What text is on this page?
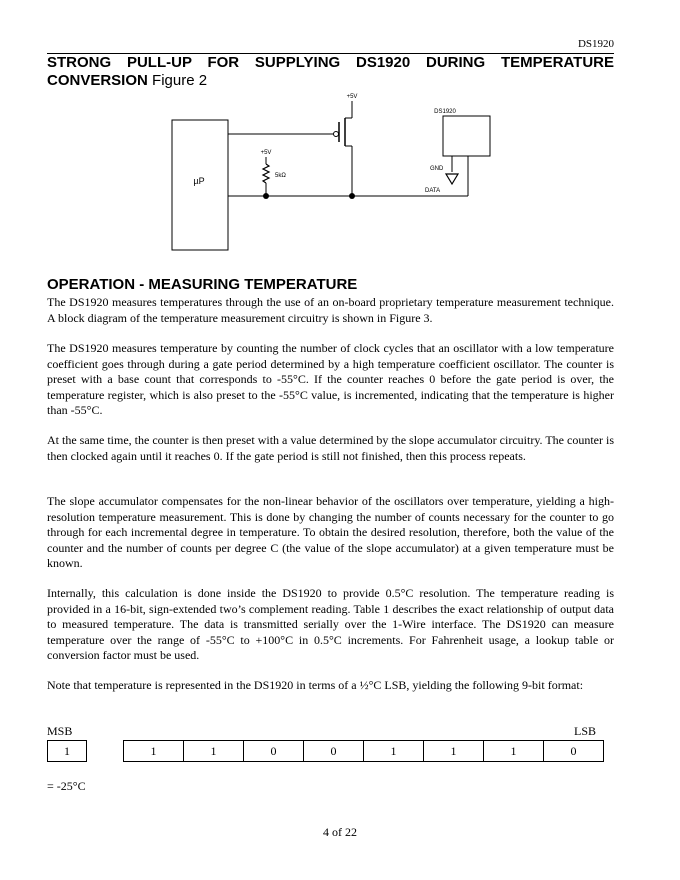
DS1920
STRONG PULL-UP FOR SUPPLYING DS1920 DURING TEMPERATURE
CONVERSION Figure 2
µP
+5V
+5V
5kΩ
DATA
DS1920
GND
OPERATION - MEASURING TEMPERATURE

The DS1920 measures temperatures through the use of an on-board proprietary temperature measurement technique. A block diagram of the temperature measurement circuitry is shown in Figure 3.

The DS1920 measures temperature by counting the number of clock cycles that an oscillator with a low temperature coefficient goes through during a gate period determined by a high temperature coefficient oscillator. The counter is preset with a base count that corresponds to -55°C. If the counter reaches 0 before the gate period is over, the temperature register, which is also preset to the -55°C value, is incremented, indicating that the temperature is higher than -55°C.

At the same time, the counter is then preset with a value determined by the slope accumulator circuitry. The counter is then clocked again until it reaches 0. If the gate period is still not finished, then this process repeats.

The slope accumulator compensates for the non-linear behavior of the oscillators over temperature, yielding a high-resolution temperature measurement. This is done by changing the number of counts necessary for the counter to go through for each incremental degree in temperature. To obtain the desired resolution, therefore, both the value of the counter and the number of counts per degree C (the value of the slope accumulator) at a given temperature must be known.

Internally, this calculation is done inside the DS1920 to provide 0.5°C resolution. The temperature reading is provided in a 16-bit, sign-extended two’s complement reading. Table 1 describes the exact relationship of output data to measured temperature. The data is transmitted serially over the 1-Wire interface. The DS1920 can measure temperature over the range of -55°C to +100°C in 0.5°C increments. For Fahrenheit usage, a lookup table or conversion factor must be used.

Note that temperature is represented in the DS1920 in terms of a ½°C LSB, yielding the following 9-bit format:

MSB	LSB
1	1	1	0	0	1	1	1	0
= -25°C
4 of 22
